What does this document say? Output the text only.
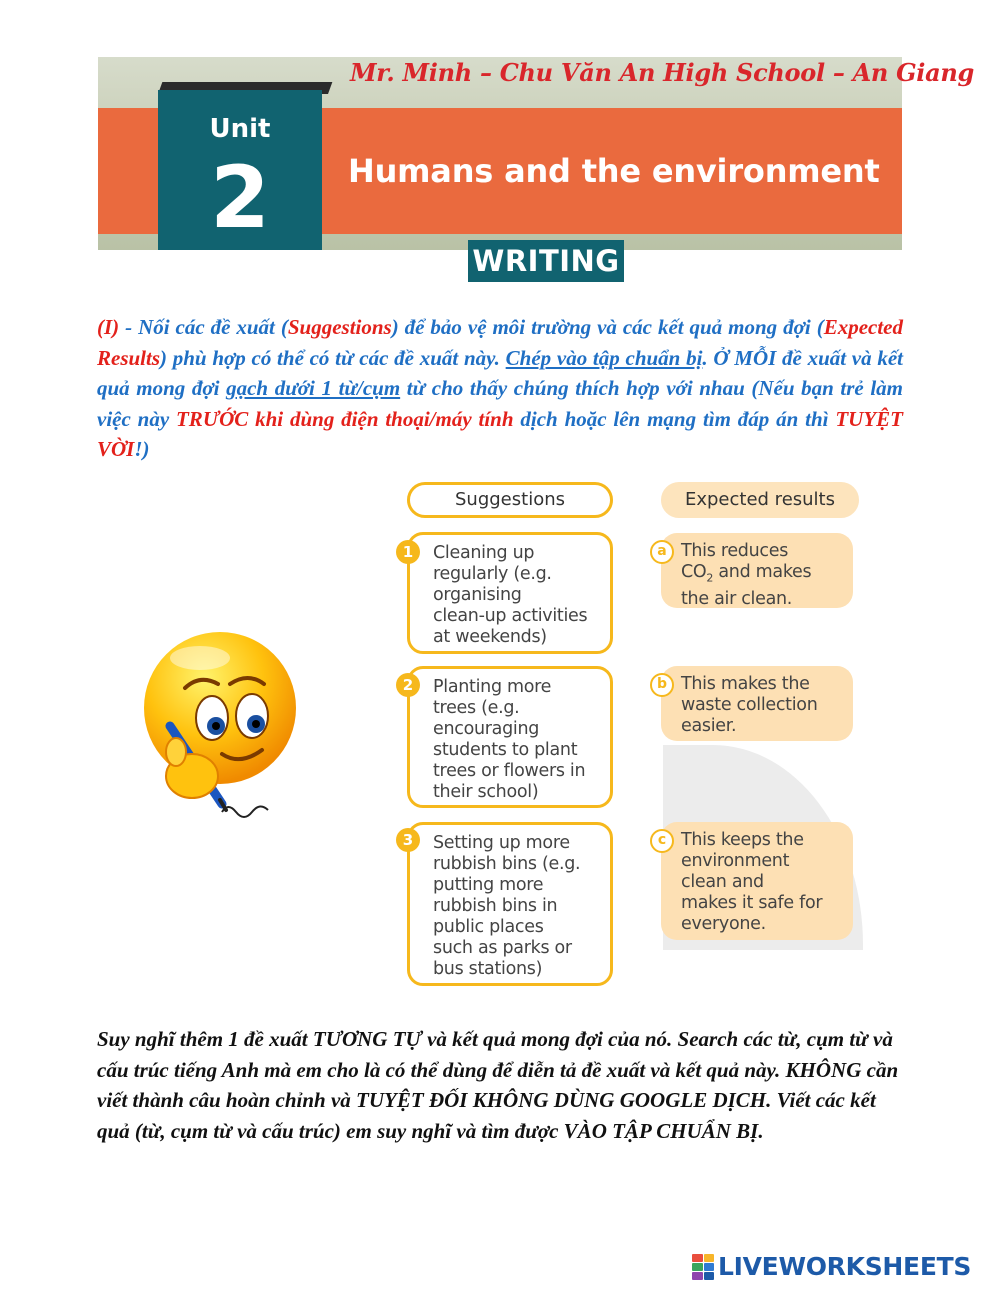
Mr. Minh – Chu Văn An High School – An Giang
Unit
2	Humans and the environment
WRITING
(I) - Nối các đề xuất (Suggestions) để bảo vệ môi trường và các kết quả mong đợi (Expected Results) phù hợp có thể có từ các đề xuất này. Chép vào tập chuẩn bị. Ở MỖI đề xuất và kết quả mong đợi gạch dưới 1 từ/cụm từ cho thấy chúng thích hợp với nhau (Nếu bạn trẻ làm việc này TRƯỚC khi dùng điện thoại/máy tính dịch hoặc lên mạng tìm đáp án thì TUYỆT VỜI!)
Suggestions	Expected results
Cleaning up
regularly (e.g.
organising
clean-up activities
at weekends)
1
Planting more
trees (e.g.
encouraging
students to plant
trees or flowers in
their school)
2
Setting up more
rubbish bins (e.g.
putting more
rubbish bins in
public places
such as parks or
bus stations)
3
This reduces
$CO_2$ and makes
the air clean.
a
This makes the
waste collection
easier.
b
This keeps the
environment
clean and
makes it safe for
everyone.
c
Suy nghĩ thêm 1 đề xuất TƯƠNG TỰ và kết quả mong đợi của nó. Search các từ, cụm từ và cấu trúc tiếng Anh mà em cho là có thể dùng để diễn tả đề xuất và kết quả này. KHÔNG cần viết thành câu hoàn chỉnh và TUYỆT ĐỐI KHÔNG DÙNG GOOGLE DỊCH. Viết các kết quả (từ, cụm từ và cấu trúc) em suy nghĩ và tìm được VÀO TẬP CHUẨN BỊ.
LIVEWORKSHEETS
